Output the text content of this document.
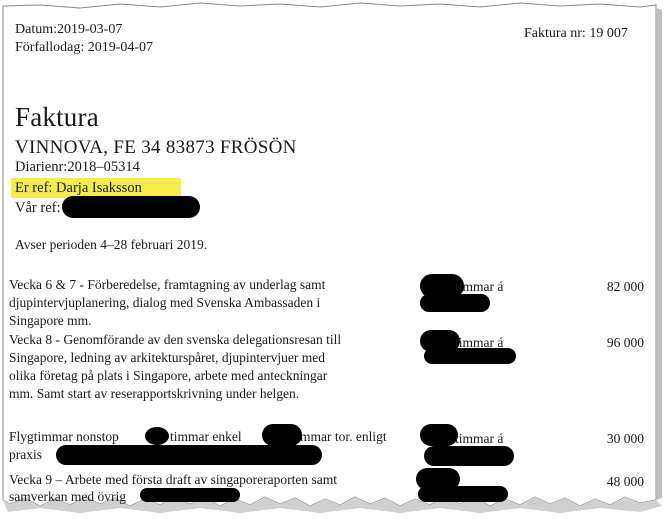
Datum:2019-03-07
Förfallodag: 2019-04-07
Faktura nr: 19 007
Faktura
VINNOVA, FE 34 83873 FRÖSÖN
Diarienr:2018–05314
Er ref: Darja Isaksson
Vår ref:
Avser perioden 4–28 februari 2019.
Vecka 6 & 7 - Förberedelse, framtagning av underlag samt
djupintervjuplanering, dialog med Svenska Ambassaden i
Singapore mm.
timmar á	82 000
Vecka 8 - Genomförande av den svenska delegationsresan till
Singapore, ledning av arkitekturspåret, djupintervjuer med
olika företag på plats i Singapore, arbete med anteckningar
mm. Samt start av reserapportskrivning under helgen.
timmar á	96 000
Flygtimmar nonstop	timmar enkel	mmar tor. enligt
praxis
timmar á	30 000
Vecka 9 – Arbete med första draft av singaporeraporten samt
samverkan med övrig
48 000
